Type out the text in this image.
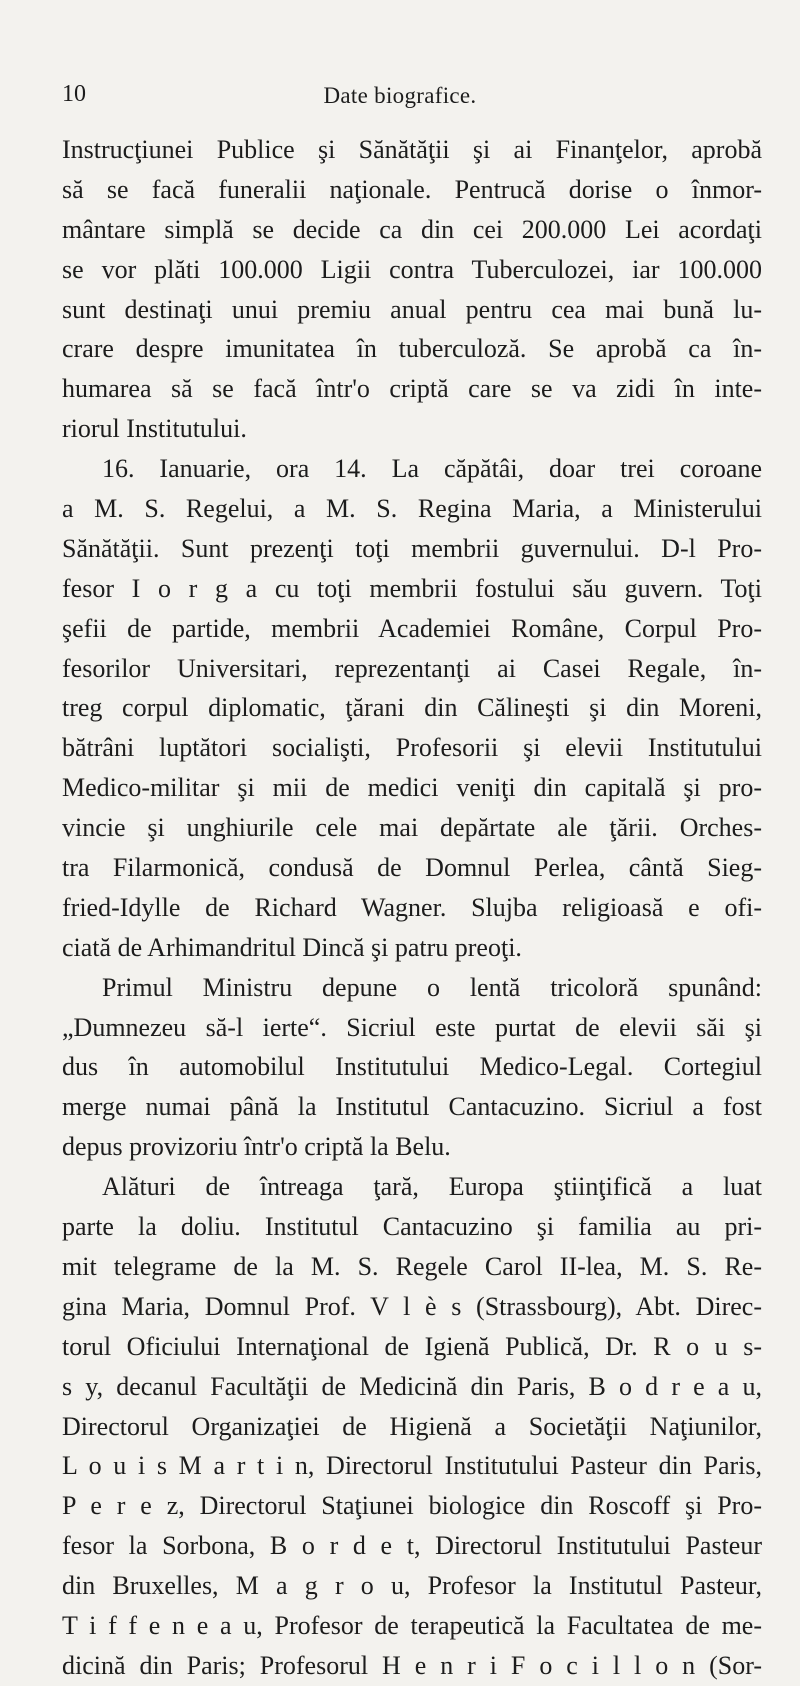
10	Date biografice.
Instrucţiunei Publice şi Sănătăţii şi ai Finanţelor, aprobă
să se facă funeralii naţionale. Pentrucă dorise o înmor-
mântare simplă se decide ca din cei 200.000 Lei acordaţi
se vor plăti 100.000 Ligii contra Tuberculozei, iar 100.000
sunt destinaţi unui premiu anual pentru cea mai bună lu-
crare despre imunitatea în tuberculoză. Se aprobă ca în-
humarea să se facă într'o criptă care se va zidi în inte-
riorul Institutului.
16. Ianuarie, ora 14. La căpătâi, doar trei coroane
a M. S. Regelui, a M. S. Regina Maria, a Ministerului
Sănătăţii. Sunt prezenţi toţi membrii guvernului. D-l Pro-
fesor I o r g a cu toţi membrii fostului său guvern. Toţi
şefii de partide, membrii Academiei Române, Corpul Pro-
fesorilor Universitari, reprezentanţi ai Casei Regale, în-
treg corpul diplomatic, ţărani din Călineşti şi din Moreni,
bătrâni luptători socialişti, Profesorii şi elevii Institutului
Medico-militar şi mii de medici veniţi din capitală şi pro-
vincie şi unghiurile cele mai depărtate ale ţării. Orches-
tra Filarmonică, condusă de Domnul Perlea, cântă Sieg-
fried-Idylle de Richard Wagner. Slujba religioasă e ofi-
ciată de Arhimandritul Dincă şi patru preoţi.
Primul Ministru depune o lentă tricoloră spunând:
„Dumnezeu să-l ierte“. Sicriul este purtat de elevii săi şi
dus în automobilul Institutului Medico-Legal. Cortegiul
merge numai până la Institutul Cantacuzino. Sicriul a fost
depus provizoriu într'o criptă la Belu.
Alături de întreaga ţară, Europa ştiinţifică a luat
parte la doliu. Institutul Cantacuzino şi familia au pri-
mit telegrame de la M. S. Regele Carol II-lea, M. S. Re-
gina Maria, Domnul Prof. V l è s (Strassbourg), Abt. Direc-
torul Oficiului Internaţional de Igienă Publică, Dr. R o u s-
s y, decanul Facultăţii de Medicină din Paris, B o d r e a u,
Directorul Organizaţiei de Higienă a Societăţii Naţiunilor,
L o u i s M a r t i n, Directorul Institutului Pasteur din Paris,
P e r e z, Directorul Staţiunei biologice din Roscoff şi Pro-
fesor la Sorbona, B o r d e t, Directorul Institutului Pasteur
din Bruxelles, M a g r o u, Profesor la Institutul Pasteur,
T i f f e n e a u, Profesor de terapeutică la Facultatea de me-
dicină din Paris; Profesorul H e n r i F o c i l l o n (Sor-
